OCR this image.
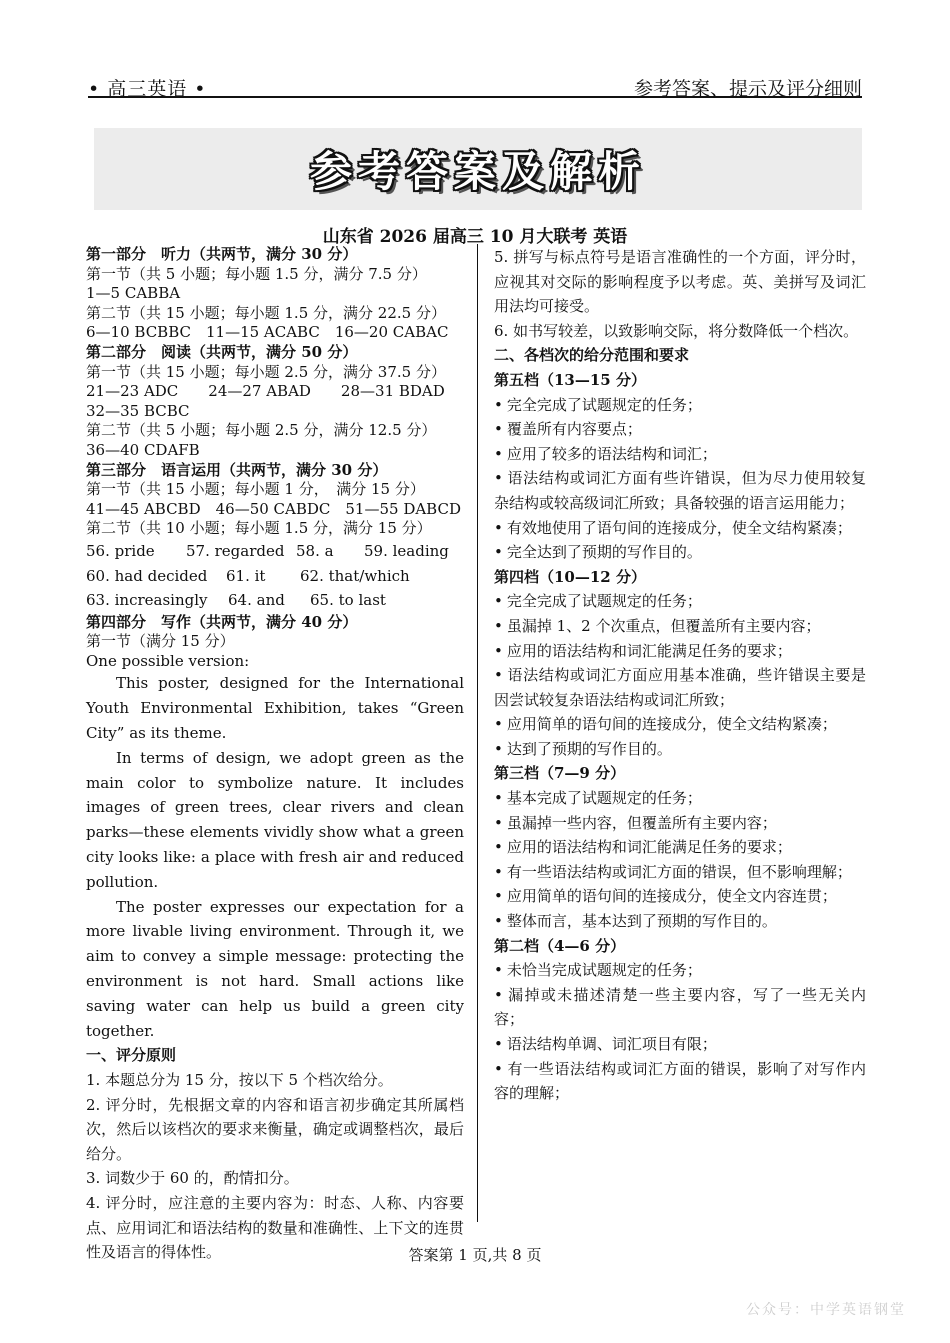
• 高三英语 •	参考答案、提示及评分细则
参考答案及解析
山东省 2026 届高三 10 月大联考 英语
第一部分　听力（共两节，满分 30 分）
第一节（共 5 小题；每小题 1.5 分，满分 7.5 分）
1—5 CABBA
第二节（共 15 小题；每小题 1.5 分，满分 22.5 分）
6—10 BCBBC　11—15 ACABC　16—20 CABAC
第二部分　阅读（共两节，满分 50 分）
第一节（共 15 小题；每小题 2.5 分，满分 37.5 分）
21—23 ADC　　24—27 ABAD　　28—31 BDAD
32—35 BCBC
第二节（共 5 小题；每小题 2.5 分，满分 12.5 分）
36—40 CDAFB
第三部分　语言运用（共两节，满分 30 分）
第一节（共 15 小题；每小题 1 分，　满分 15 分）
41—45 ABCBD　46—50 CABDC　51—55 DABCD
第二节（共 10 小题；每小题 1.5 分，满分 15 分）
56. pride 57. regarded 58. a 59. leading
60. had decided 61. it 62. that/which
63. increasingly 64. and 65. to last
第四部分　写作（共两节，满分 40 分）
第一节（满分 15 分）
One possible version:

This poster, designed for the International Youth Environmental Exhibition, takes “Green City” as its theme.

In terms of design, we adopt green as the main color to symbolize nature. It includes images of green trees, clear rivers and clean parks—these elements vividly show what a green city looks like: a place with fresh air and reduced pollution.

The poster expresses our expectation for a more livable living environment. Through it, we aim to convey a simple message: protecting the environment is not hard. Small actions like saving water can help us build a green city together.

一、评分原则
1. 本题总分为 15 分，按以下 5 个档次给分。
2. 评分时，先根据文章的内容和语言初步确定其所属档次，然后以该档次的要求来衡量，确定或调整档次，最后给分。
3. 词数少于 60 的，酌情扣分。
4. 评分时，应注意的主要内容为：时态、人称、内容要点、应用词汇和语法结构的数量和准确性、上下文的连贯性及语言的得体性。
5. 拼写与标点符号是语言准确性的一个方面，评分时，应视其对交际的影响程度予以考虑。英、美拼写及词汇用法均可接受。
6. 如书写较差，以致影响交际，将分数降低一个档次。
二、各档次的给分范围和要求
第五档（13—15 分）
• 完全完成了试题规定的任务；
• 覆盖所有内容要点；
• 应用了较多的语法结构和词汇；
• 语法结构或词汇方面有些许错误，但为尽力使用较复杂结构或较高级词汇所致；具备较强的语言运用能力；
• 有效地使用了语句间的连接成分，使全文结构紧凑；
• 完全达到了预期的写作目的。
第四档（10—12 分）
• 完全完成了试题规定的任务；
• 虽漏掉 1、2 个次重点，但覆盖所有主要内容；
• 应用的语法结构和词汇能满足任务的要求；
• 语法结构或词汇方面应用基本准确，些许错误主要是因尝试较复杂语法结构或词汇所致；
• 应用简单的语句间的连接成分，使全文结构紧凑；
• 达到了预期的写作目的。
第三档（7—9 分）
• 基本完成了试题规定的任务；
• 虽漏掉一些内容，但覆盖所有主要内容；
• 应用的语法结构和词汇能满足任务的要求；
• 有一些语法结构或词汇方面的错误，但不影响理解；
• 应用简单的语句间的连接成分，使全文内容连贯；
• 整体而言，基本达到了预期的写作目的。
第二档（4—6 分）
• 未恰当完成试题规定的任务；
• 漏掉或未描述清楚一些主要内容，写了一些无关内容；
• 语法结构单调、词汇项目有限；
• 有一些语法结构或词汇方面的错误，影响了对写作内容的理解；
答案第 1 页,共 8 页
公众号：中学英语钢堂
